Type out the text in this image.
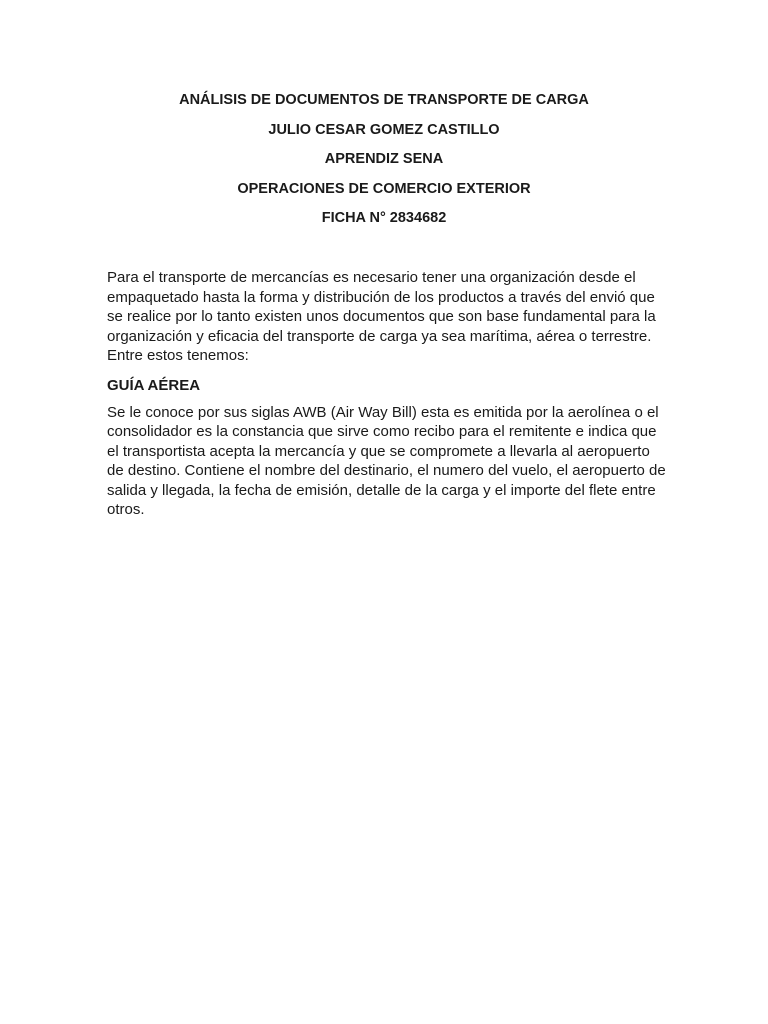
ANÁLISIS DE DOCUMENTOS DE TRANSPORTE DE CARGA
JULIO CESAR GOMEZ CASTILLO
APRENDIZ SENA
OPERACIONES DE COMERCIO EXTERIOR
FICHA N° 2834682

Para el transporte de mercancías es necesario tener una organización desde el empaquetado hasta la forma y distribución de los productos a través del envió que se realice por lo tanto existen unos documentos que son base fundamental para la organización y eficacia del transporte de carga ya sea marítima, aérea o terrestre. Entre estos tenemos:

GUÍA AÉREA

Se le conoce por sus siglas AWB (Air Way Bill) esta es emitida por la aerolínea o el consolidador es la constancia que sirve como recibo para el remitente e indica que el transportista acepta la mercancía y que se compromete a llevarla al aeropuerto de destino. Contiene el nombre del destinario, el numero del vuelo, el aeropuerto de salida y llegada, la fecha de emisión, detalle de la carga y el importe del flete entre otros.
